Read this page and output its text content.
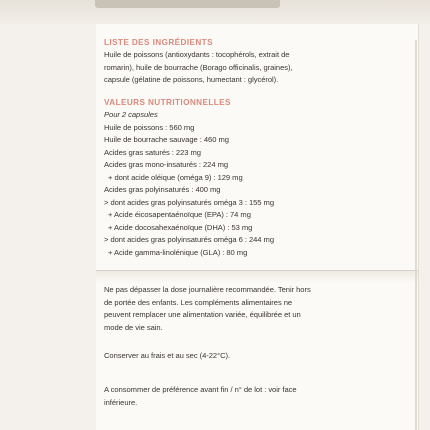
LISTE DES INGRÉDIENTS

Huile de poissons (antioxydants : tocophérols, extrait de

romarin), huile de bourrache (Borago officinalis, graines),

capsule (gélatine de poissons, humectant : glycérol).

VALEURS NUTRITIONNELLES

Pour 2 capsules

Huile de poissons : 560 mg

Huile de bourrache sauvage : 460 mg

Acides gras saturés : 223 mg

Acides gras mono-insaturés : 224 mg

+ dont acide oléique (oméga 9) : 129 mg

Acides gras polyinsaturés : 400 mg

> dont acides gras polyinsaturés oméga 3 : 155 mg

+ Acide éicosapentaénoïque (EPA) : 74 mg

+ Acide docosahexaénoïque (DHA) : 53 mg

> dont acides gras polyinsaturés oméga 6 : 244 mg

+ Acide gamma-linolénique (GLA) : 80 mg

Ne pas dépasser la dose journalière recommandée. Tenir hors

de portée des enfants. Les compléments alimentaires ne

peuvent remplacer une alimentation variée, équilibrée et un

mode de vie sain.

Conserver au frais et au sec (4-22°C).

A consommer de préférence avant fin / n° de lot : voir face

inférieure.
